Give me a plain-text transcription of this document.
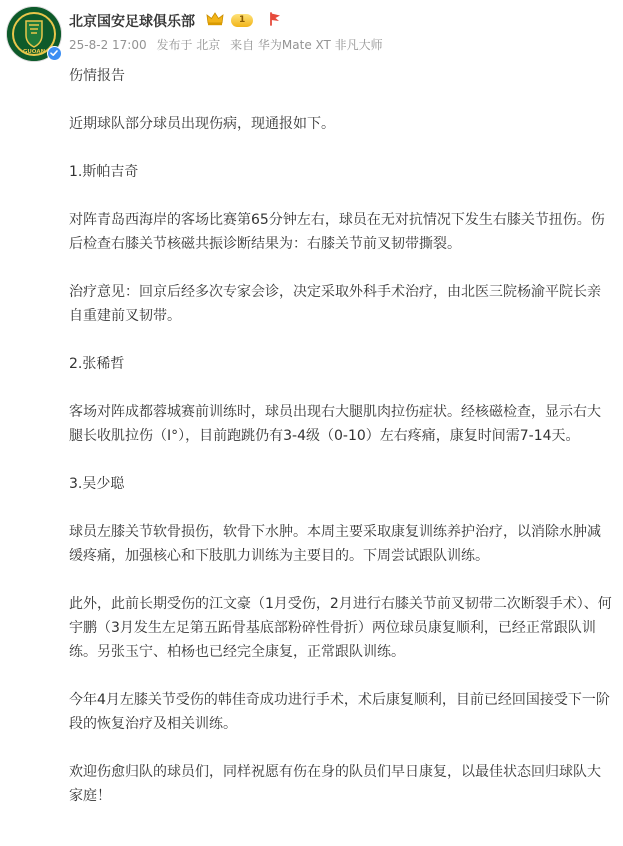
GUOAN
北京国安足球俱乐部	1
25-8-2 17:00 发布于 北京 来自 华为Mate XT 非凡大师

伤情报告

近期球队部分球员出现伤病，现通报如下。

1.斯帕吉奇

对阵青岛西海岸的客场比赛第65分钟左右，球员在无对抗情况下发生右膝关节扭伤。伤后检查右膝关节核磁共振诊断结果为：右膝关节前叉韧带撕裂。

治疗意见：回京后经多次专家会诊，决定采取外科手术治疗，由北医三院杨渝平院长亲自重建前叉韧带。

2.张稀哲

客场对阵成都蓉城赛前训练时，球员出现右大腿肌肉拉伤症状。经核磁检查，显示右大腿长收肌拉伤（Ⅰ°），目前跑跳仍有3-4级（0-10）左右疼痛，康复时间需7-14天。

3.吴少聪

球员左膝关节软骨损伤，软骨下水肿。本周主要采取康复训练养护治疗，以消除水肿减缓疼痛，加强核心和下肢肌力训练为主要目的。下周尝试跟队训练。

此外，此前长期受伤的江文豪（1月受伤，2月进行右膝关节前叉韧带二次断裂手术）、何宇鹏（3月发生左足第五跖骨基底部粉碎性骨折）两位球员康复顺利，已经正常跟队训练。另张玉宁、柏杨也已经完全康复，正常跟队训练。

今年4月左膝关节受伤的韩佳奇成功进行手术，术后康复顺利，目前已经回国接受下一阶段的恢复治疗及相关训练。

欢迎伤愈归队的球员们，同样祝愿有伤在身的队员们早日康复，以最佳状态回归球队大家庭！
